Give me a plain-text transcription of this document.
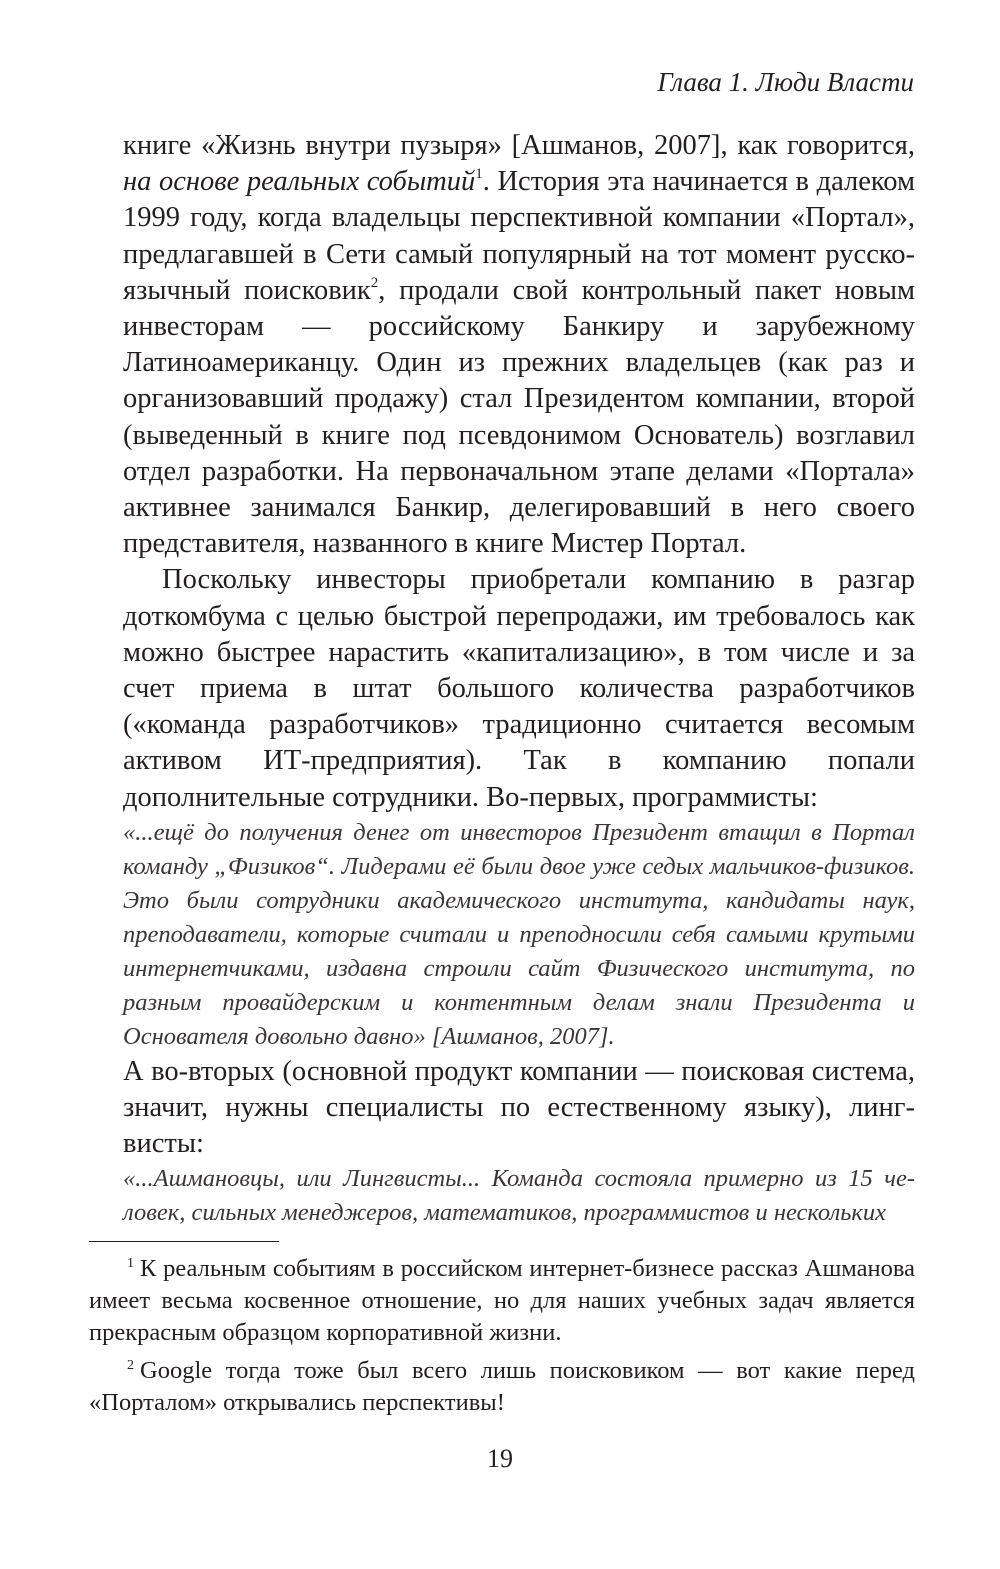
Глава 1. Люди Власти

книге «Жизнь внутри пузыря» [Ашманов, 2007], как говорится, на основе реальных событий$^1$. История эта начинается в далеком 1999 году, когда владельцы перспективной компании «Портал», предлагавшей в Сети самый популярный на тот момент русскоязычный поисковик$^2$, продали свой контрольный пакет новым инвесторам — российскому Банкиру и зарубежному Латиноамериканцу. Один из прежних владельцев (как раз и организовавший продажу) стал Президентом компании, второй (выведенный в книге под псевдонимом Основатель) возглавил отдел разработки. На первоначальном этапе делами «Портала» активнее занимался Банкир, делегировавший в него своего представителя, названного в книге Мистер Портал.

Поскольку инвесторы приобретали компанию в разгар доткомбума с целью быстрой перепродажи, им требовалось как можно быстрее нарастить «капитализацию», в том числе и за счет приема в штат большого количества разработчиков («команда разработчиков» традиционно считается весомым активом ИТ-предприятия). Так в компанию попали дополнительные сотрудники. Во-первых, программисты:

«...ещё до получения денег от инвесторов Президент втащил в Портал команду „Физиков“. Лидерами её были двое уже седых мальчиков-физиков. Это были сотрудники академического института, кандидаты наук, преподаватели, которые считали и преподносили себя самыми крутыми интернетчиками, издавна строили сайт Физического института, по разным провайдерским и контентным делам знали Президента и Основателя довольно давно» [Ашманов, 2007].

А во-вторых (основной продукт компании — поисковая система, значит, нужны специалисты по естественному языку), лингвисты:

«...Ашмановцы, или Лингвисты... Команда состояла примерно из 15 человек, сильных менеджеров, математиков, программистов и нескольких

$^1$ К реальным событиям в российском интернет-бизнесе рассказ Ашманова имеет весьма косвенное отношение, но для наших учебных задач является прекрасным образцом корпоративной жизни.

$^2$ Google тогда тоже был всего лишь поисковиком — вот какие перед «Порталом» открывались перспективы!

19
